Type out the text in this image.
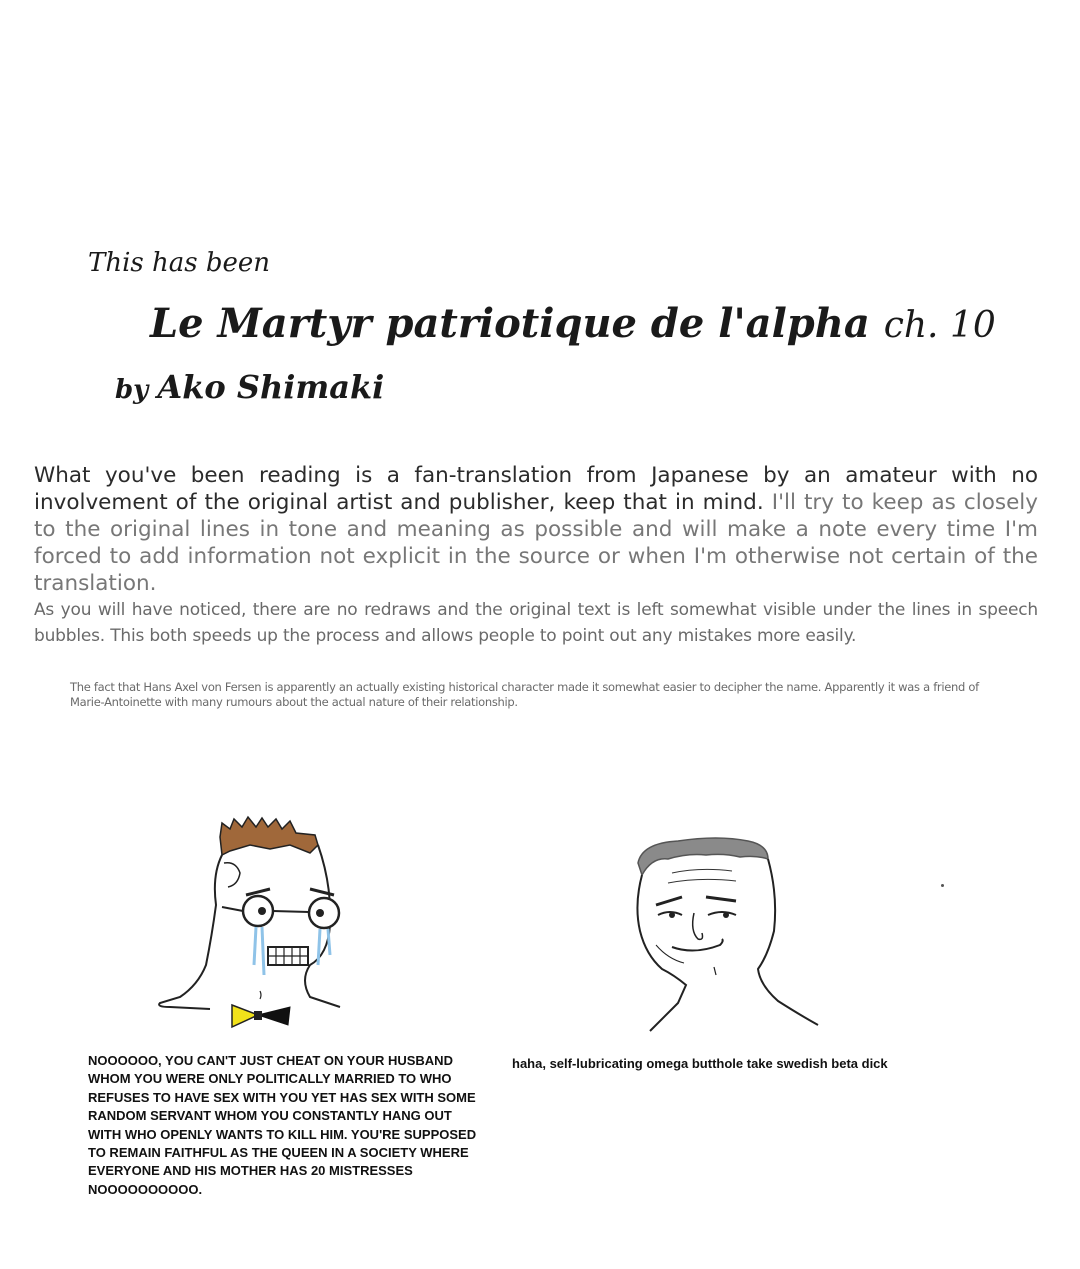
This has been
Le Martyr patriotique de l'alpha ch. 10
by Ako Shimaki

What you've been reading is a fan-translation from Japanese by an amateur with no involvement of the original artist and publisher, keep that in mind. I'll try to keep as closely to the original lines in tone and meaning as possible and will make a note every time I'm forced to add information not explicit in the source or when I'm otherwise not certain of the translation.

As you will have noticed, there are no redraws and the original text is left somewhat visible under the lines in speech bubbles. This both speeds up the process and allows people to point out any mistakes more easily.

The fact that Hans Axel von Fersen is apparently an actually existing historical character made it somewhat easier to decipher the name. Apparently it was a friend of Marie-Antoinette with many rumours about the actual nature of their relationship.

NOOOOOO, YOU CAN'T JUST CHEAT ON YOUR HUSBAND WHOM YOU WERE ONLY POLITICALLY MARRIED TO WHO REFUSES TO HAVE SEX WITH YOU YET HAS SEX WITH SOME RANDOM SERVANT WHOM YOU CONSTANTLY HANG OUT WITH WHO OPENLY WANTS TO KILL HIM. YOU'RE SUPPOSED TO REMAIN FAITHFUL AS THE QUEEN IN A SOCIETY WHERE EVERYONE AND HIS MOTHER HAS 20 MISTRESSES NOOOOOOOOOO.

haha, self-lubricating omega butthole take swedish beta dick
